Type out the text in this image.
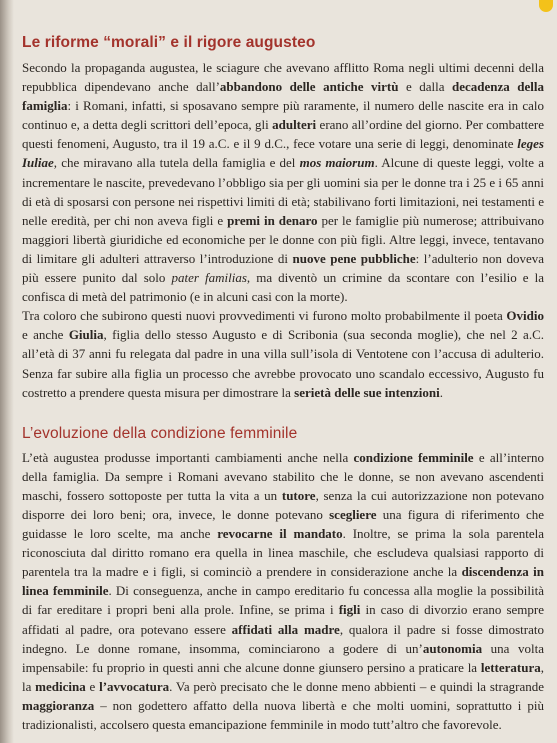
Le riforme “morali” e il rigore augusteo

Secondo la propaganda augustea, le sciagure che avevano afflitto Roma negli ultimi decenni della repubblica dipendevano anche dall’abbandono delle antiche virtù e dalla decadenza della famiglia: i Romani, infatti, si sposavano sempre più raramente, il numero delle nascite era in calo continuo e, a detta degli scrittori dell’epoca, gli adulteri erano all’ordine del giorno. Per combattere questi fenomeni, Augusto, tra il 19 a.C. e il 9 d.C., fece votare una serie di leggi, denominate leges Iuliae, che miravano alla tutela della famiglia e del mos maiorum. Alcune di queste leggi, volte a incrementare le nascite, prevedevano l’obbligo sia per gli uomini sia per le donne tra i 25 e i 65 anni di età di sposarsi con persone nei rispettivi limiti di età; stabilivano forti limitazioni, nei testamenti e nelle eredità, per chi non aveva figli e premi in denaro per le famiglie più numerose; attribuivano maggiori libertà giuridiche ed economiche per le donne con più figli. Altre leggi, invece, tentavano di limitare gli adulteri attraverso l’introduzione di nuove pene pubbliche: l’adulterio non doveva più essere punito dal solo pater familias, ma diventò un crimine da scontare con l’esilio e la confisca di metà del patrimonio (e in alcuni casi con la morte).

Tra coloro che subirono questi nuovi provvedimenti vi furono molto probabilmente il poeta Ovidio e anche Giulia, figlia dello stesso Augusto e di Scribonia (sua seconda moglie), che nel 2 a.C. all’età di 37 anni fu relegata dal padre in una villa sull’isola di Ventotene con l’accusa di adulterio. Senza far subire alla figlia un processo che avrebbe provocato uno scandalo eccessivo, Augusto fu costretto a prendere questa misura per dimostrare la serietà delle sue intenzioni.

L’evoluzione della condizione femminile

L’età augustea produsse importanti cambiamenti anche nella condizione femminile e all’interno della famiglia. Da sempre i Romani avevano stabilito che le donne, se non avevano ascendenti maschi, fossero sottoposte per tutta la vita a un tutore, senza la cui autorizzazione non potevano disporre dei loro beni; ora, invece, le donne potevano scegliere una figura di riferimento che guidasse le loro scelte, ma anche revocarne il mandato. Inoltre, se prima la sola parentela riconosciuta dal diritto romano era quella in linea maschile, che escludeva qualsiasi rapporto di parentela tra la madre e i figli, si cominciò a prendere in considerazione anche la discendenza in linea femminile. Di conseguenza, anche in campo ereditario fu concessa alla moglie la possibilità di far ereditare i propri beni alla prole. Infine, se prima i figli in caso di divorzio erano sempre affidati al padre, ora potevano essere affidati alla madre, qualora il padre si fosse dimostrato indegno. Le donne romane, insomma, cominciarono a godere di un’autonomia una volta impensabile: fu proprio in questi anni che alcune donne giunsero persino a praticare la letteratura, la medicina e l’avvocatura. Va però precisato che le donne meno abbienti – e quindi la stragrande maggioranza – non godettero affatto della nuova libertà e che molti uomini, soprattutto i più tradizionalisti, accolsero questa emancipazione femminile in modo tutt’altro che favorevole.
